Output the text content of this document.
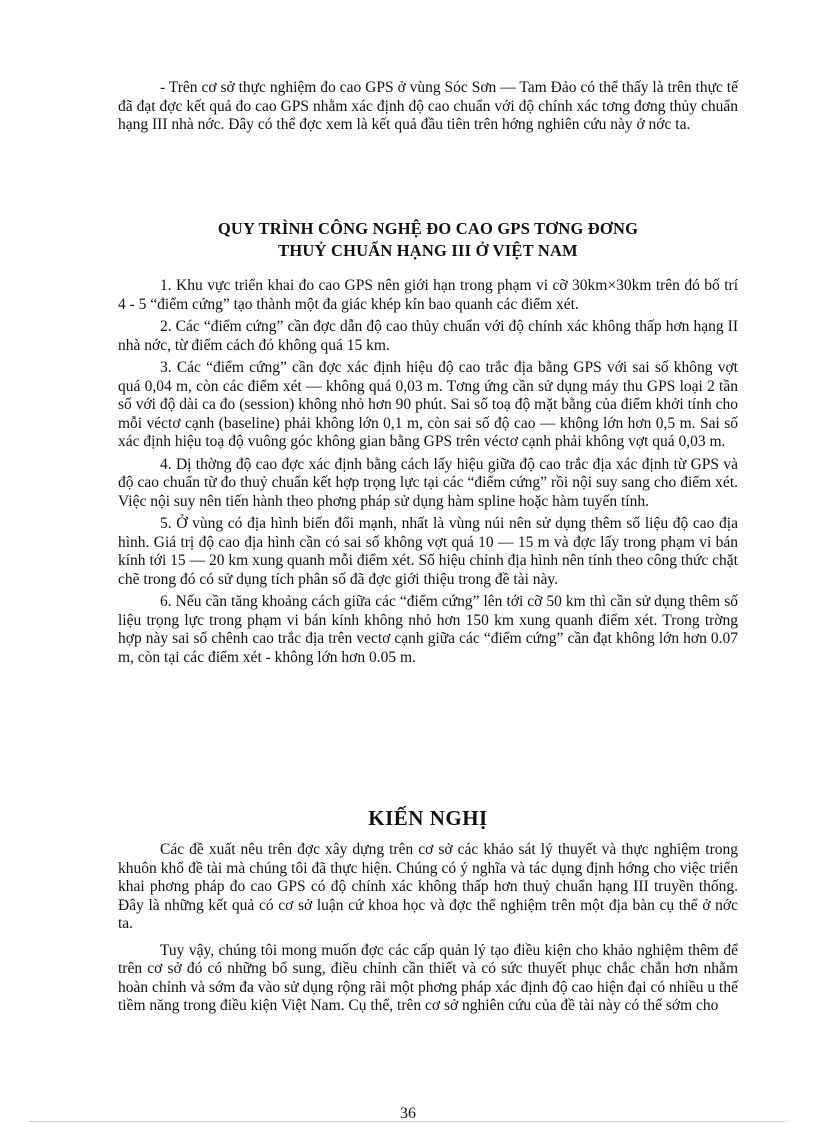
- Trên cơ sở thực nghiệm đo cao GPS ở vùng Sóc Sơn — Tam Đảo có thể thấy là trên thực tế đã đạt đợc kết quả đo cao GPS nhằm xác định độ cao chuẩn với độ chính xác tơng đơng thủy chuẩn hạng III nhà nớc. Đây có thể đợc xem là kết quả đầu tiên trên hớng nghiên cứu này ở nớc ta.

QUY TRÌNH CÔNG NGHỆ ĐO CAO GPS TƠNG ĐƠNG

THUỶ CHUẨN HẠNG III Ở VIỆT NAM

1. Khu vực triển khai đo cao GPS nên giới hạn trong phạm vi cỡ 30km×30km trên đó bố trí 4 - 5 “điểm cứng” tạo thành một đa giác khép kín bao quanh các điểm xét.

2. Các “điểm cứng” cần đợc dẫn độ cao thủy chuẩn với độ chính xác không thấp hơn hạng II nhà nớc, từ điểm cách đó không quá 15 km.

3. Các “điểm cứng” cần đợc xác định hiệu độ cao trắc địa bằng GPS với sai số không vợt quá 0,04 m, còn các điểm xét — không quá 0,03 m. Tơng ứng cần sử dụng máy thu GPS loại 2 tần số với độ dài ca đo (session) không nhỏ hơn 90 phút. Sai số toạ độ mặt bằng của điểm khởi tính cho mỗi véctơ cạnh (baseline) phải không lớn 0,1 m, còn sai số độ cao — không lớn hơn 0,5 m. Sai số xác định hiệu toạ độ vuông góc không gian bằng GPS trên véctơ cạnh phải không vợt quá 0,03 m.

4. Dị thờng độ cao đợc xác định bằng cách lấy hiệu giữa độ cao trắc địa xác định từ GPS và độ cao chuẩn từ đo thuỷ chuẩn kết hợp trọng lực tại các “điểm cứng” rồi nội suy sang cho điểm xét. Việc nội suy nên tiến hành theo phơng pháp sử dụng hàm spline hoặc hàm tuyến tính.

5. Ở vùng có địa hình biến đổi mạnh, nhất là vùng núi nên sử dụng thêm số liệu độ cao địa hình. Giá trị độ cao địa hình cần có sai số không vợt quá 10 — 15 m và đợc lấy trong phạm vi bán kính tới 15 — 20 km xung quanh mỗi điểm xét. Số hiệu chỉnh địa hình nên tính theo công thức chặt chẽ trong đó có sử dụng tích phân số đã đợc giới thiệu trong đề tài này.

6. Nếu cần tăng khoảng cách giữa các “điểm cứng” lên tới cỡ 50 km thì cần sử dụng thêm số liệu trọng lực trong phạm vi bán kính không nhỏ hơn 150 km xung quanh điểm xét. Trong trờng hợp này sai số chênh cao trắc địa trên vectơ cạnh giữa các “điểm cứng” cần đạt không lớn hơn 0.07 m, còn tại các điểm xét - không lớn hơn 0.05 m.

KIẾN NGHỊ

Các đề xuất nêu trên đợc xây dựng trên cơ sở các khảo sát lý thuyết và thực nghiệm trong khuôn khổ đề tài mà chúng tôi đã thực hiện. Chúng có ý nghĩa và tác dụng định hớng cho việc triển khai phơng pháp đo cao GPS có độ chính xác không thấp hơn thuỷ chuẩn hạng III truyền thống. Đây là những kết quả có cơ sở luận cứ khoa học và đợc thể nghiệm trên một địa bàn cụ thể ở nớc ta.

Tuy vậy, chúng tôi mong muốn đợc các cấp quản lý tạo điều kiện cho khảo nghiệm thêm để trên cơ sở đó có những bổ sung, điều chỉnh cần thiết và có sức thuyết phục chắc chắn hơn nhằm hoàn chỉnh và sớm đa vào sử dụng rộng rãi một phơng pháp xác định độ cao hiện đại có nhiều u thế tiềm năng trong điều kiện Việt Nam. Cụ thể, trên cơ sở nghiên cứu của đề tài này có thể sớm cho

36
